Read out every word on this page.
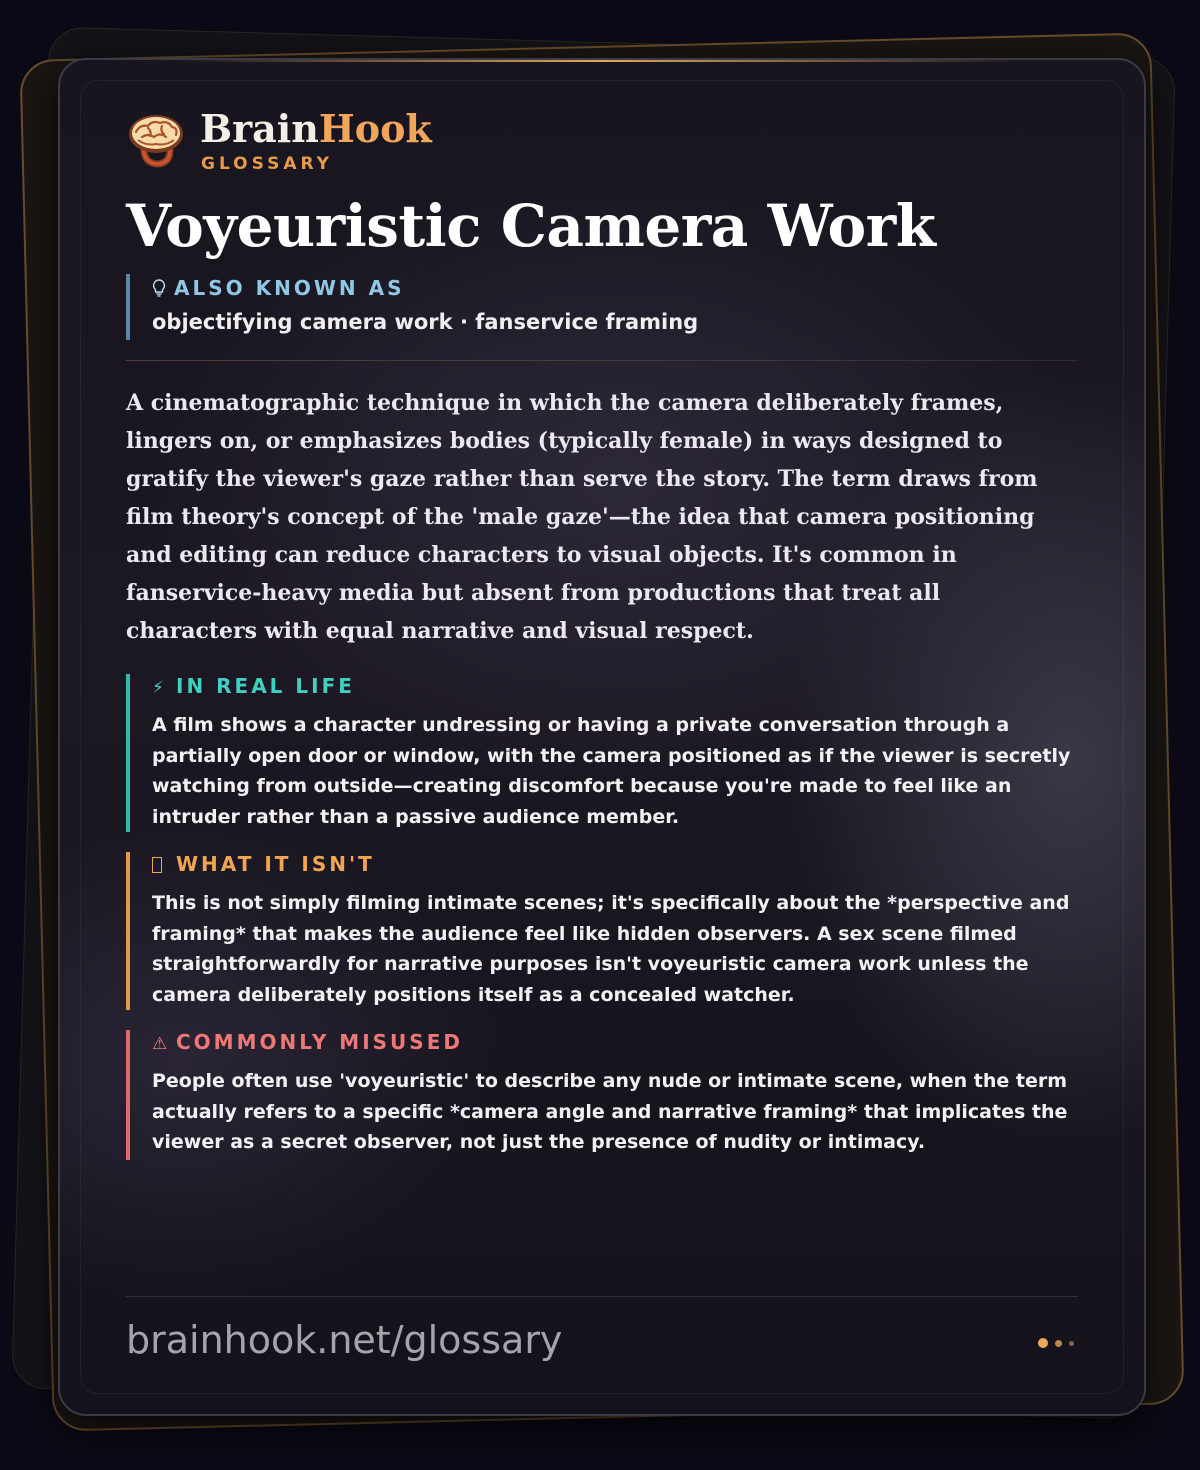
BrainHook
GLOSSARY
Voyeuristic Camera Work
ALSO KNOWN AS
objectifying camera work · fanservice framing

A cinematographic technique in which the camera deliberately frames, lingers on, or emphasizes bodies (typically female) in ways designed to gratify the viewer's gaze rather than serve the story. The term draws from film theory's concept of the 'male gaze'—the idea that camera positioning and editing can reduce characters to visual objects. It's common in fanservice-heavy media but absent from productions that treat all characters with equal narrative and visual respect.

⚡ IN REAL LIFE
A film shows a character undressing or having a private conversation through a partially open door or window, with the camera positioned as if the viewer is secretly watching from outside—creating discomfort because you're made to feel like an intruder rather than a passive audience member.
WHAT IT ISN'T
This is not simply filming intimate scenes; it's specifically about the *perspective and framing* that makes the audience feel like hidden observers. A sex scene filmed straightforwardly for narrative purposes isn't voyeuristic camera work unless the camera deliberately positions itself as a concealed watcher.
⚠ COMMONLY MISUSED
People often use 'voyeuristic' to describe any nude or intimate scene, when the term actually refers to a specific *camera angle and narrative framing* that implicates the viewer as a secret observer, not just the presence of nudity or intimacy.
brainhook.net/glossary
